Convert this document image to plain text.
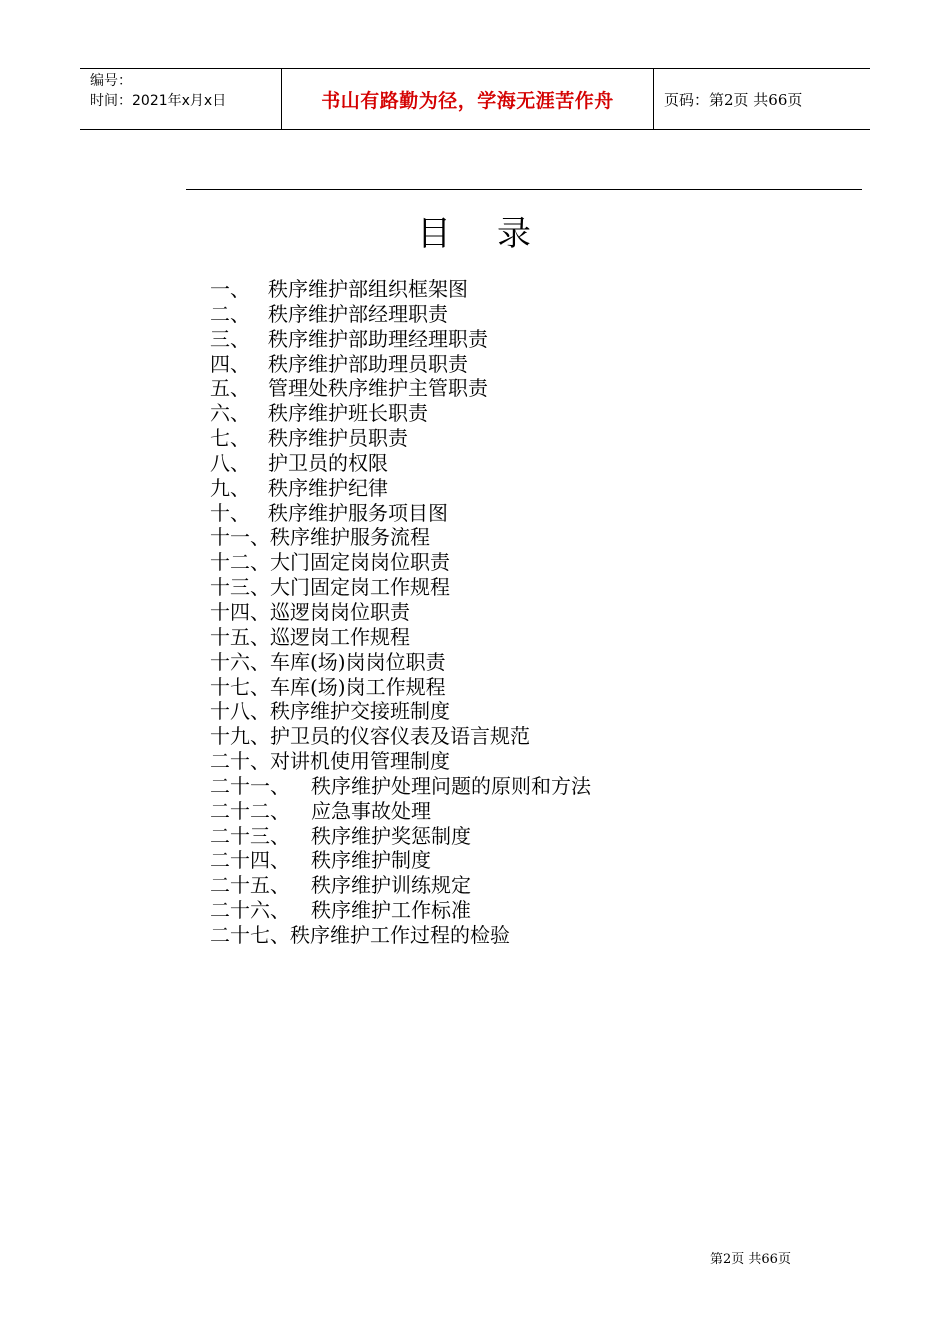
编号：
时间：2021年x月x日	书山有路勤为径，学海无涯苦作舟	页码：第2页 共66页
目 录
一、 秩序维护部组织框架图
二、 秩序维护部经理职责
三、 秩序维护部助理经理职责
四、 秩序维护部助理员职责
五、 管理处秩序维护主管职责
六、 秩序维护班长职责
七、 秩序维护员职责
八、 护卫员的权限
九、 秩序维护纪律
十、 秩序维护服务项目图
十一、秩序维护服务流程
十二、大门固定岗岗位职责
十三、大门固定岗工作规程
十四、巡逻岗岗位职责
十五、巡逻岗工作规程
十六、车库(场)岗岗位职责
十七、车库(场)岗工作规程
十八、秩序维护交接班制度
十九、护卫员的仪容仪表及语言规范
二十、对讲机使用管理制度
二十一、 秩序维护处理问题的原则和方法
二十二、 应急事故处理
二十三、 秩序维护奖惩制度
二十四、 秩序维护制度
二十五、 秩序维护训练规定
二十六、 秩序维护工作标准
二十七、秩序维护工作过程的检验
第2页 共66页
